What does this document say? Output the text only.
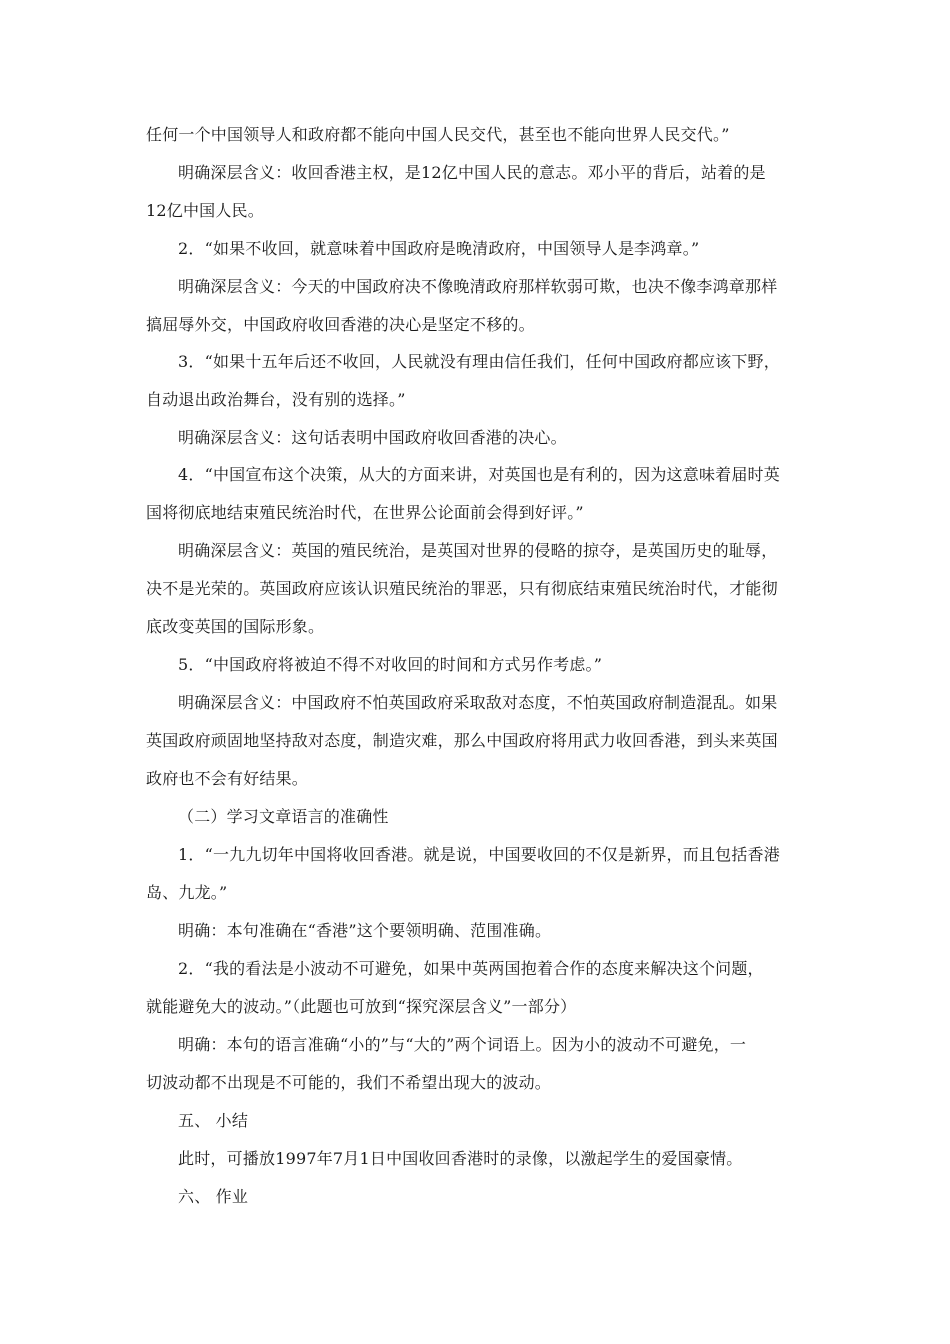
任何一个中国领导人和政府都不能向中国人民交代，甚至也不能向世界人民交代。”
明确深层含义：收回香港主权，是12亿中国人民的意志。邓小平的背后，站着的是
12亿中国人民。
2．“如果不收回，就意味着中国政府是晚清政府，中国领导人是李鸿章。”
明确深层含义：今天的中国政府决不像晚清政府那样软弱可欺，也决不像李鸿章那样
搞屈辱外交，中国政府收回香港的决心是坚定不移的。
3．“如果十五年后还不收回，人民就没有理由信任我们，任何中国政府都应该下野，
自动退出政治舞台，没有别的选择。”
明确深层含义：这句话表明中国政府收回香港的决心。
4．“中国宣布这个决策，从大的方面来讲，对英国也是有利的，因为这意味着届时英
国将彻底地结束殖民统治时代，在世界公论面前会得到好评。”
明确深层含义：英国的殖民统治，是英国对世界的侵略的掠夺，是英国历史的耻辱，
决不是光荣的。英国政府应该认识殖民统治的罪恶，只有彻底结束殖民统治时代，才能彻
底改变英国的国际形象。
5．“中国政府将被迫不得不对收回的时间和方式另作考虑。”
明确深层含义：中国政府不怕英国政府采取敌对态度，不怕英国政府制造混乱。如果
英国政府顽固地坚持敌对态度，制造灾难，那么中国政府将用武力收回香港，到头来英国
政府也不会有好结果。
（二）学习文章语言的准确性
1．“一九九切年中国将收回香港。就是说，中国要收回的不仅是新界，而且包括香港
岛、九龙。”
明确：本句准确在“香港”这个要领明确、范围准确。
2．“我的看法是小波动不可避免，如果中英两国抱着合作的态度来解决这个问题，
就能避免大的波动。”（此题也可放到“探究深层含义”一部分）
明确：本句的语言准确“小的”与“大的”两个词语上。因为小的波动不可避免，一
切波动都不出现是不可能的，我们不希望出现大的波动。
五、 小结
此时，可播放1997年7月1日中国收回香港时的录像，以激起学生的爱国豪情。
六、 作业
